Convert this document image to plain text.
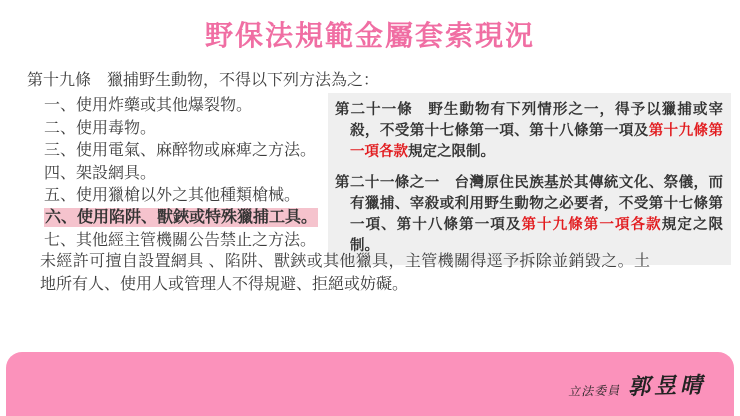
野保法規範金屬套索現況
第十九條　獵捕野生動物，不得以下列方法為之：
一、使用炸藥或其他爆裂物。
二、使用毒物。
三、使用電氣、麻醉物或麻痺之方法。
四、架設網具。
五、使用獵槍以外之其他種類槍械。
六、使用陷阱、獸鋏或特殊獵捕工具。
七、其他經主管機關公告禁止之方法。
第二十一條　野生動物有下列情形之一，得予以獵捕或宰殺，不受第十七條第一項、第十八條第一項及第十九條第一項各款規定之限制。
第二十一條之一　台灣原住民族基於其傳統文化、祭儀，而有獵捕、宰殺或利用野生動物之必要者，不受第十七條第一項、第十八條第一項及第十九條第一項各款規定之限制。
未經許可擅自設置網具 、陷阱、獸鋏或其他獵具，主管機關得逕予拆除並銷毀之。土地所有人、使用人或管理人不得規避、拒絕或妨礙。
立法委員 郭昱晴
